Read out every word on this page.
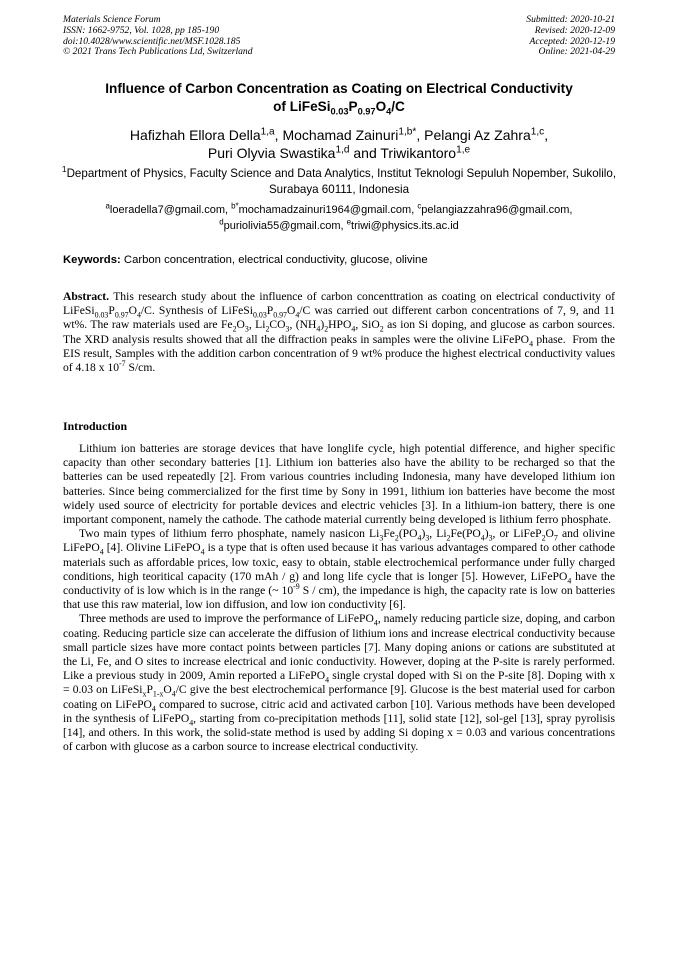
Materials Science Forum
ISSN: 1662-9752, Vol. 1028, pp 185-190
doi:10.4028/www.scientific.net/MSF.1028.185
© 2021 Trans Tech Publications Ltd, Switzerland
Submitted: 2020-10-21
Revised: 2020-12-09
Accepted: 2020-12-19
Online: 2021-04-29
Influence of Carbon Concentration as Coating on Electrical Conductivity
of $LiFeSi_{0.03}P_{0.97}O_4/C$
Hafizhah Ellora Della$^{1,a}$, Mochamad Zainuri$^{1,b*}$, Pelangi Az Zahra$^{1,c}$,
Puri Olyvia Swastika$^{1,d}$ and Triwikantoro$^{1,e}$
$^1$Department of Physics, Faculty Science and Data Analytics, Institut Teknologi Sepuluh Nopember, Sukolilo, Surabaya 60111, Indonesia
$^a$loeradella7@gmail.com, $^{b*}$mochamadzainuri1964@gmail.com, $^c$pelangiazzahra96@gmail.com,
$^d$puriolivia55@gmail.com, $^e$triwi@physics.its.ac.id
Keywords: Carbon concentration, electrical conductivity, glucose, olivine
Abstract. This research study about the influence of carbon concenttration as coating on electrical conductivity of $LiFeSi_{0.03}P_{0.97}O_4/C$. Synthesis of $LiFeSi_{0.03}P_{0.97}O_4/C$ was carried out different carbon concentrations of 7, 9, and 11 wt%. The raw materials used are $Fe_2O_3$, $Li_2CO_3$, $(NH_4)_2HPO_4$, SiO$_2$ as ion Si doping, and glucose as carbon sources. The XRD analysis results showed that all the diffraction peaks in samples were the olivine LiFePO$_4$ phase.  From the EIS result, Samples with the addition carbon concentration of 9 wt% produce the highest electrical conductivity values of 4.18 x $10^{-7}$ S/cm.
Introduction

Lithium ion batteries are storage devices that have longlife cycle, high potential difference, and higher specific capacity than other secondary batteries [1]. Lithium ion batteries also have the ability to be recharged so that the batteries can be used repeatedly [2]. From various countries including Indonesia, many have developed lithium ion batteries. Since being commercialized for the first time by Sony in 1991, lithium ion batteries have become the most widely used source of electricity for portable devices and electric vehicles [3]. In a lithium-ion battery, there is one important component, namely the cathode. The cathode material currently being developed is lithium ferro phosphate.

Two main types of lithium ferro phosphate, namely nasicon $Li_3Fe_2(PO_4)_3$, $Li_2Fe(PO_4)_3$, or $LiFeP_2O_7$ and olivine LiFePO$_4$ [4]. Olivine LiFePO$_4$ is a type that is often used because it has various advantages compared to other cathode materials such as affordable prices, low toxic, easy to obtain, stable electrochemical performance under fully charged conditions, high teoritical capacity (170 mAh / g) and long life cycle that is longer [5]. However, LiFePO$_4$ have the conductivity of is low which is in the range (~ $10^{-9}$ S / cm), the impedance is high, the capacity rate is low on batteries that use this raw material, low ion diffusion, and low ion conductivity [6].

Three methods are used to improve the performance of LiFePO$_4$, namely reducing particle size, doping, and carbon coating. Reducing particle size can accelerate the diffusion of lithium ions and increase electrical conductivity because small particle sizes have more contact points between particles [7]. Many doping anions or cations are substituted at the Li, Fe, and O sites to increase electrical and ionic conductivity. However, doping at the P-site is rarely performed. Like a previous study in 2009, Amin reported a LiFePO$_4$ single crystal doped with Si on the P-site [8]. Doping with x = 0.03 on $LiFeSi_xP_{1-x}O_4/C$ give the best electrochemical performance [9]. Glucose is the best material used for carbon coating on LiFePO$_4$ compared to sucrose, citric acid and activated carbon [10]. Various methods have been developed in the synthesis of LiFePO$_4$, starting from co-precipitation methods [11], solid state [12], sol-gel [13], spray pyrolisis [14], and others. In this work, the solid-state method is used by adding Si doping x = 0.03 and various concentrations of carbon with glucose as a carbon source to increase electrical conductivity.
